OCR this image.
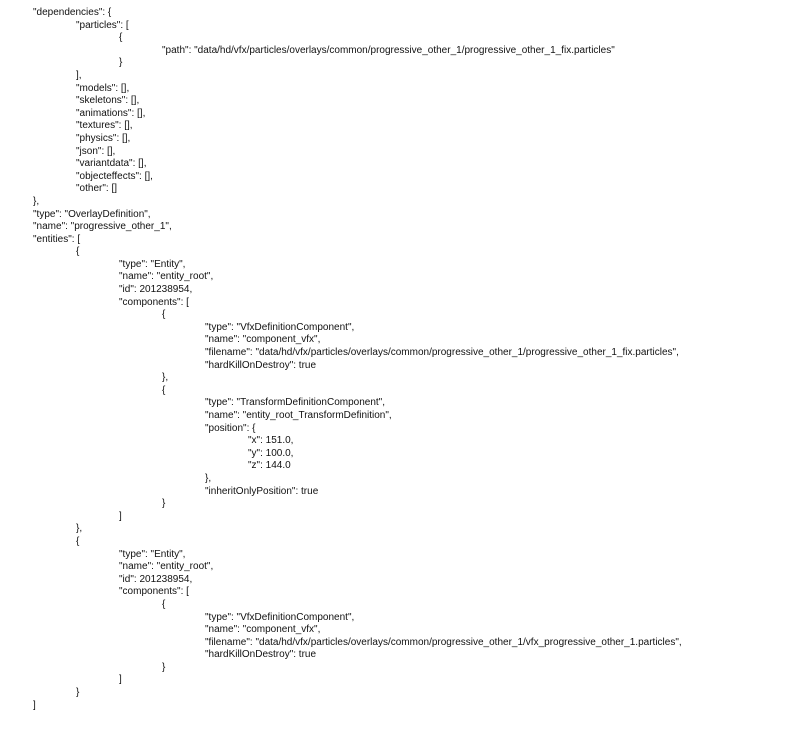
"dependencies": {
"particles": [
{
"path": "data/hd/vfx/particles/overlays/common/progressive_other_1/progressive_other_1_fix.particles"
}
],
"models": [],
"skeletons": [],
"animations": [],
"textures": [],
"physics": [],
"json": [],
"variantdata": [],
"objecteffects": [],
"other": []
},
"type": "OverlayDefinition",
"name": "progressive_other_1",
"entities": [
{
"type": "Entity",
"name": "entity_root",
"id": 201238954,
"components": [
{
"type": "VfxDefinitionComponent",
"name": "component_vfx",
"filename": "data/hd/vfx/particles/overlays/common/progressive_other_1/progressive_other_1_fix.particles",
"hardKillOnDestroy": true
},
{
"type": "TransformDefinitionComponent",
"name": "entity_root_TransformDefinition",
"position": {
"x": 151.0,
"y": 100.0,
"z": 144.0
},
"inheritOnlyPosition": true
}
]
},
{
"type": "Entity",
"name": "entity_root",
"id": 201238954,
"components": [
{
"type": "VfxDefinitionComponent",
"name": "component_vfx",
"filename": "data/hd/vfx/particles/overlays/common/progressive_other_1/vfx_progressive_other_1.particles",
"hardKillOnDestroy": true
}
]
}
]
